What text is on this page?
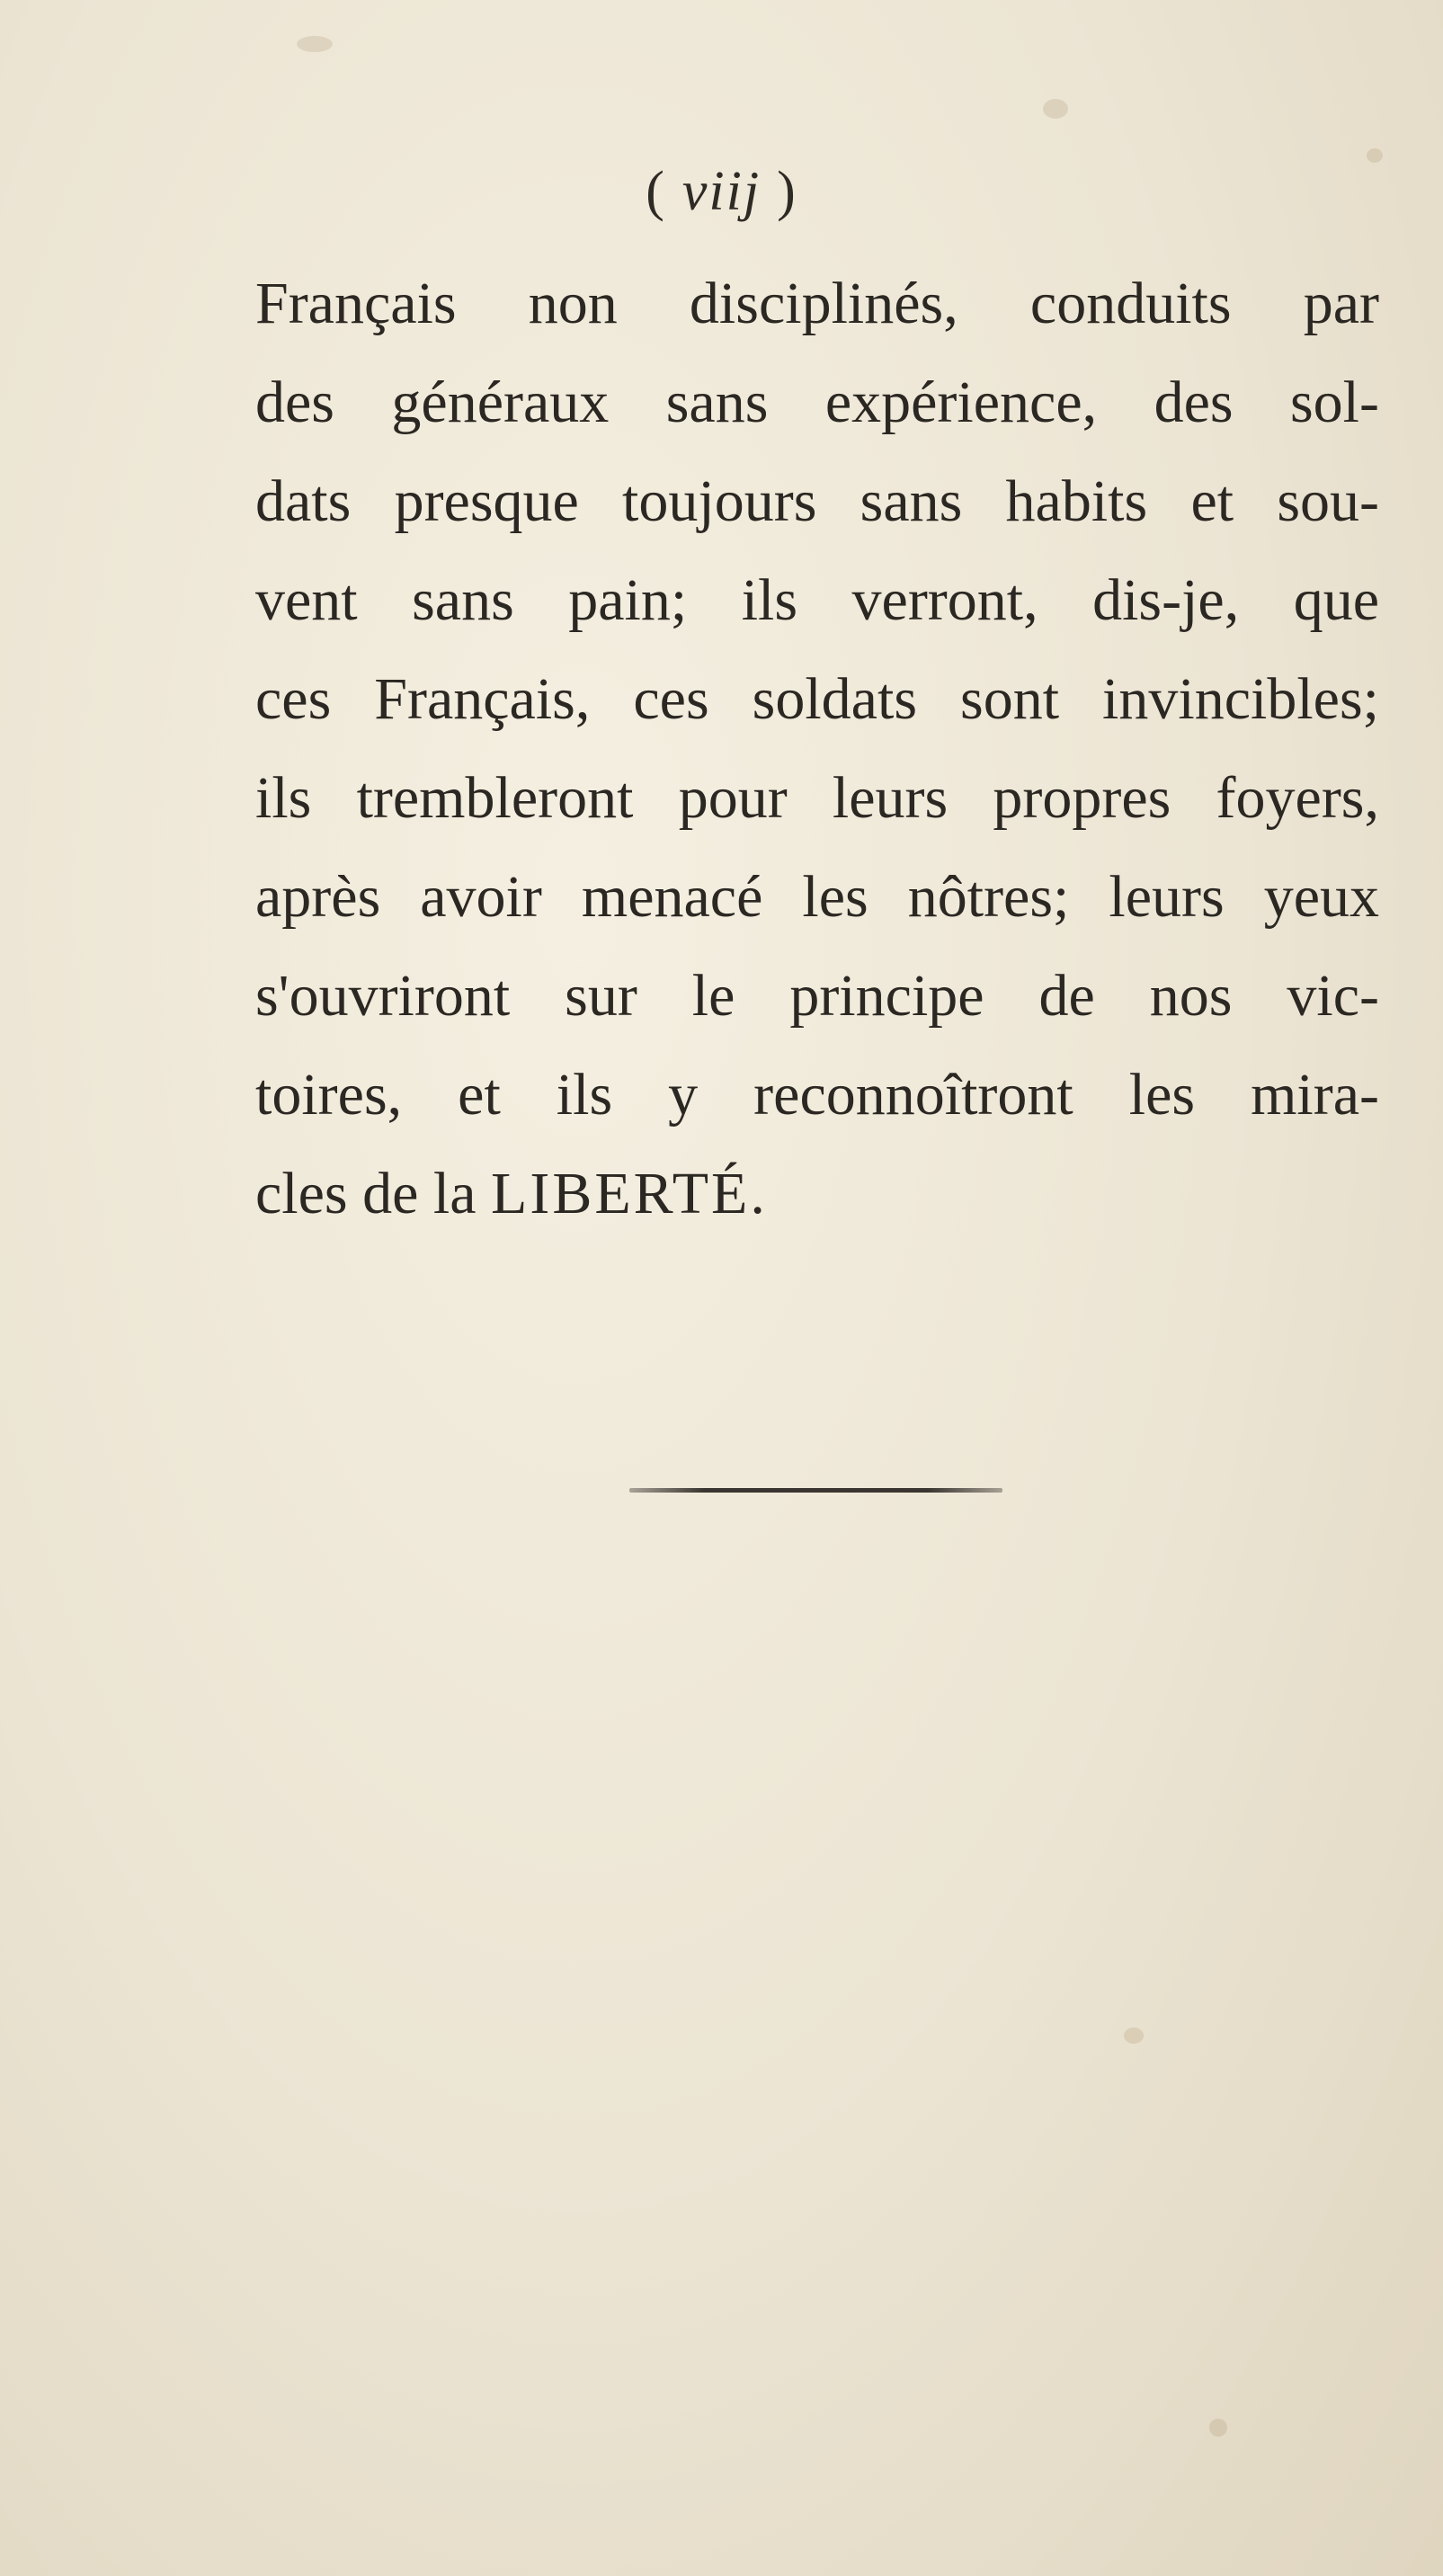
( viij )
Français non disciplinés, conduits par
des généraux sans expérience, des sol-
dats presque toujours sans habits et sou-
vent sans pain; ils verront, dis-je, que
ces Français, ces soldats sont invincibles;
ils trembleront pour leurs propres foyers,
après avoir menacé les nôtres; leurs yeux
s'ouvriront sur le principe de nos vic-
toires, et ils y reconnoîtront les mira-
cles de la LIBERTÉ.
